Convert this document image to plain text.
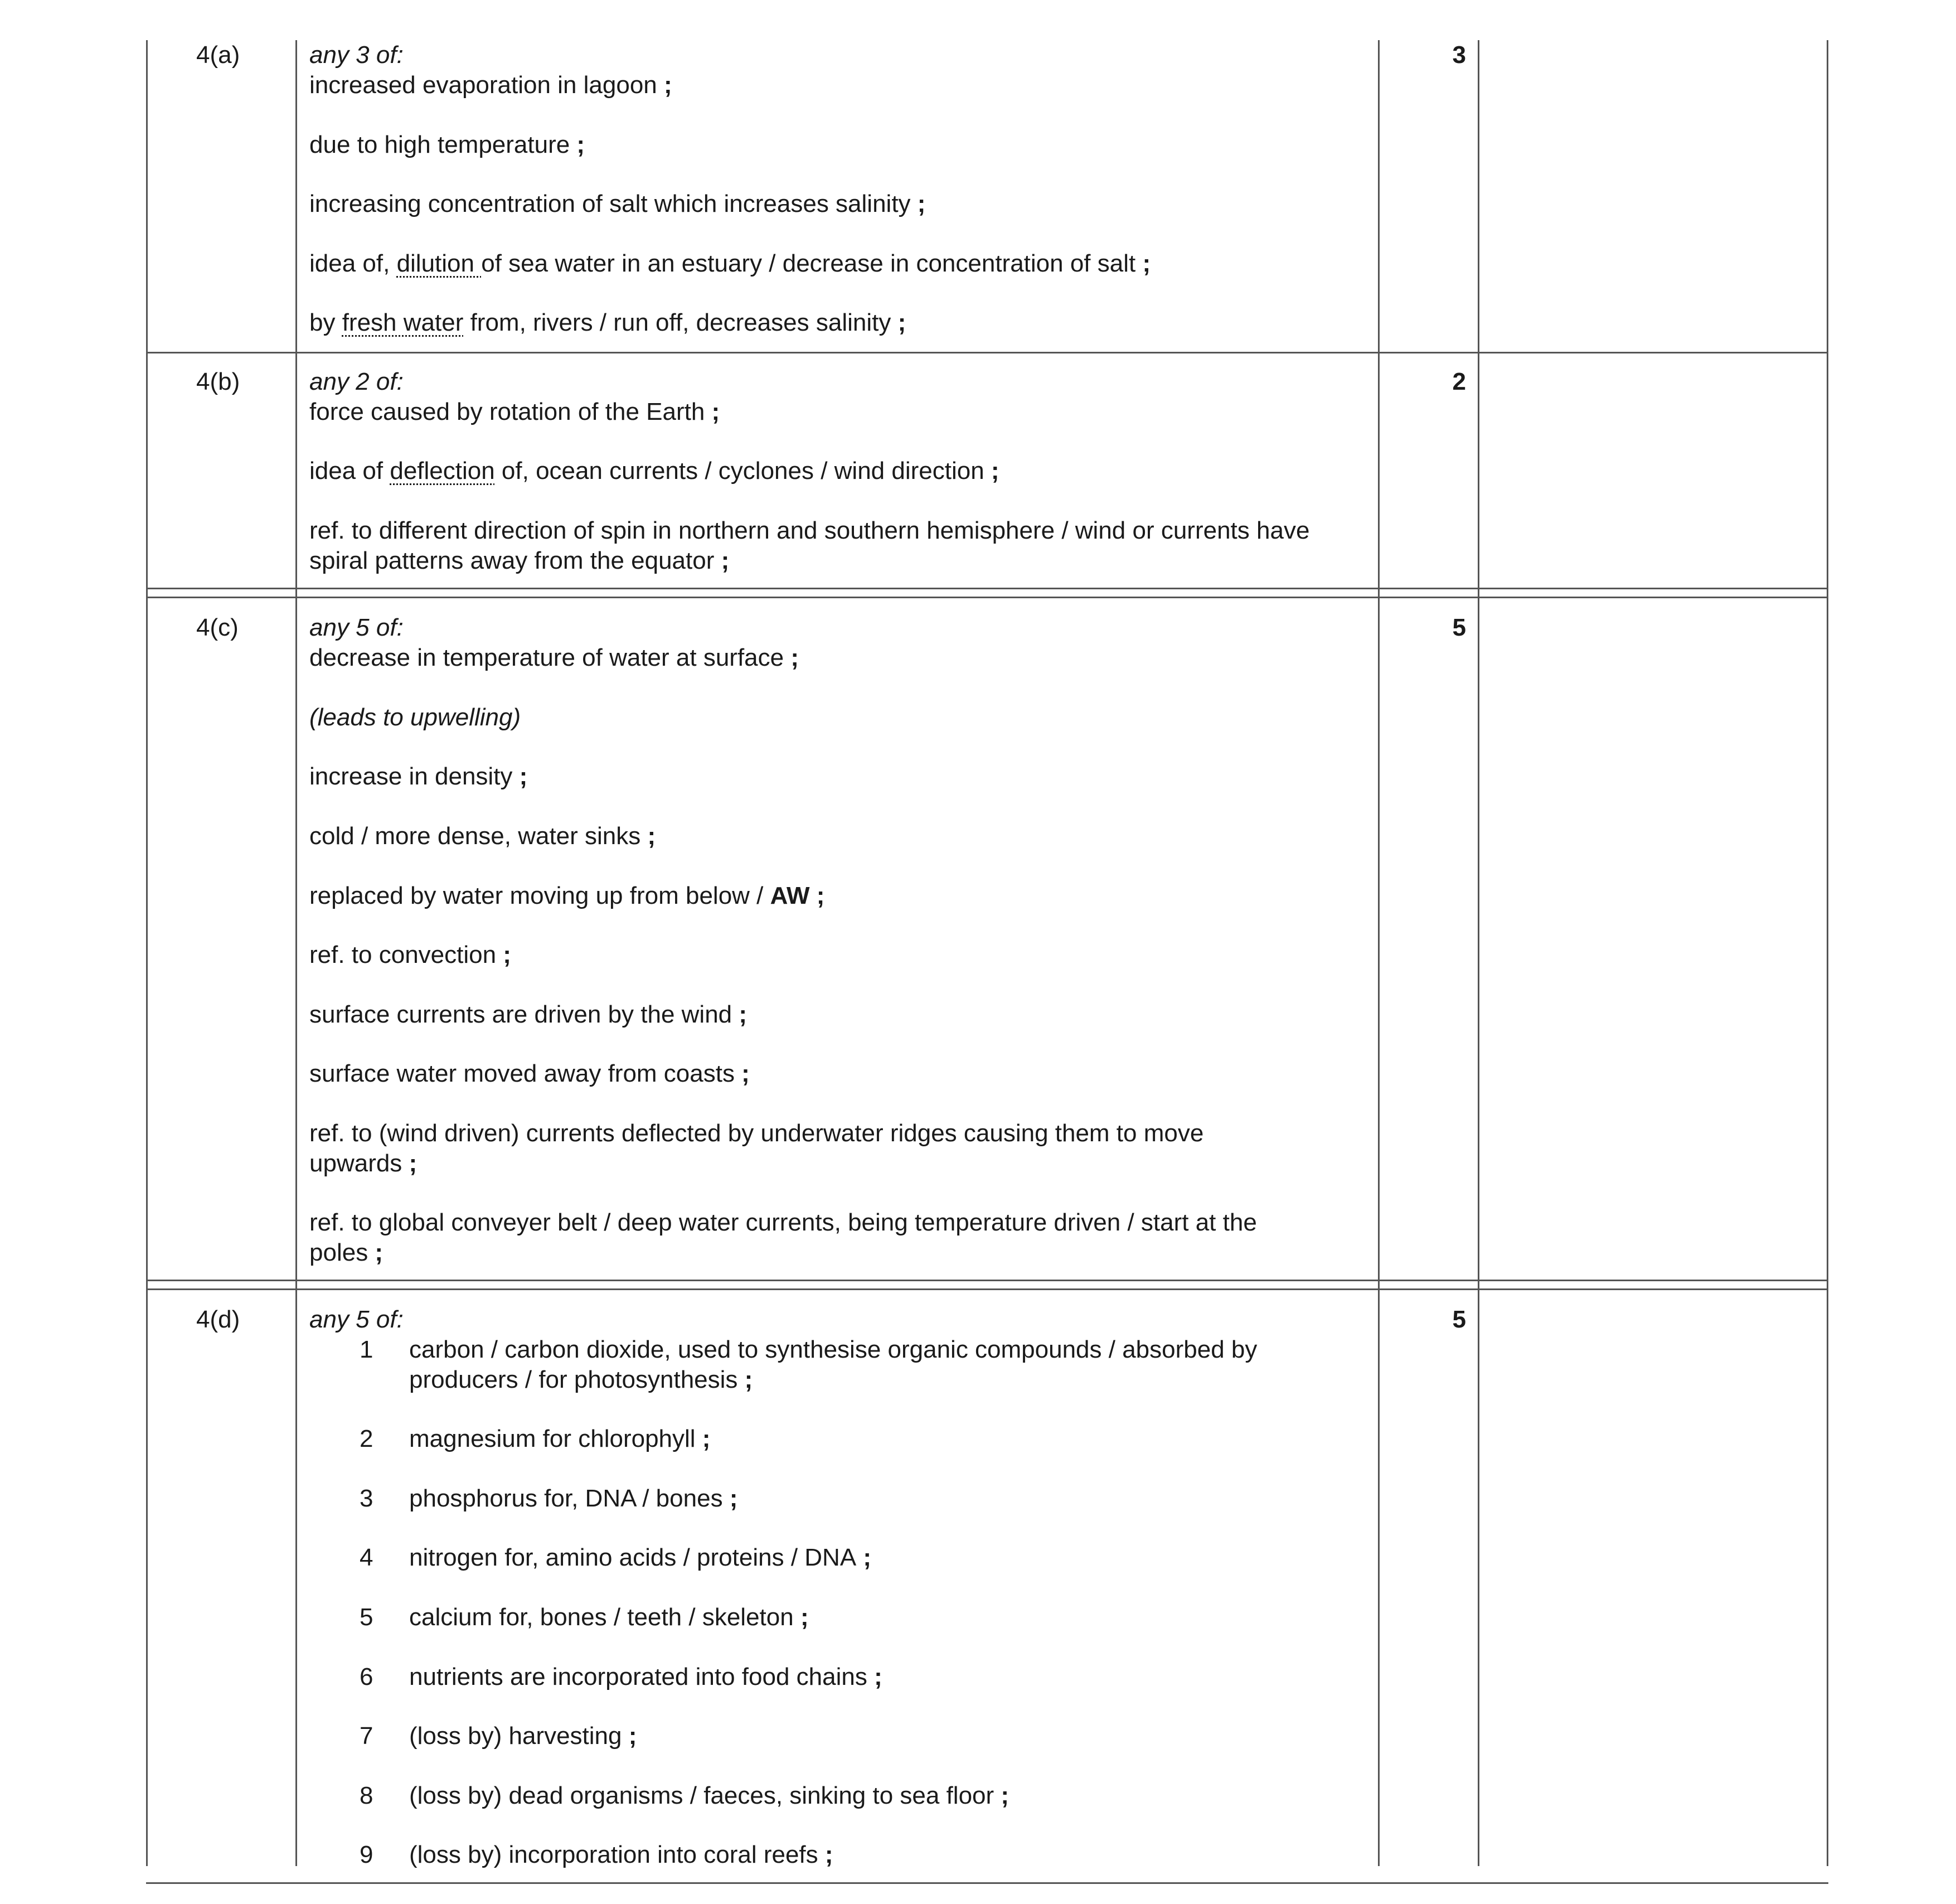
4(a)	3
any 3 of:
increased evaporation in lagoon ;
due to high temperature ;
increasing concentration of salt which increases salinity ;
idea of, dilution of sea water in an estuary / decrease in concentration of salt ;
by fresh water from, rivers / run off, decreases salinity ;
4(b)	2
any 2 of:
force caused by rotation of the Earth ;
idea of deflection of, ocean currents / cyclones / wind direction ;
ref. to different direction of spin in northern and southern hemisphere / wind or currents have
spiral patterns away from the equator ;
4(c)	5
any 5 of:
decrease in temperature of water at surface ;
(leads to upwelling)
increase in density ;
cold / more dense, water sinks ;
replaced by water moving up from below / AW ;
ref. to convection ;
surface currents are driven by the wind ;
surface water moved away from coasts ;
ref. to (wind driven) currents deflected by underwater ridges causing them to move
upwards ;
ref. to global conveyer belt / deep water currents, being temperature driven / start at the
poles ;
4(d)	5
any 5 of:
1 carbon / carbon dioxide, used to synthesise organic compounds / absorbed by
producers / for photosynthesis ;
2 magnesium for chlorophyll ;
3 phosphorus for, DNA / bones ;
4 nitrogen for, amino acids / proteins / DNA ;
5 calcium for, bones / teeth / skeleton ;
6 nutrients are incorporated into food chains ;
7 (loss by) harvesting ;
8 (loss by) dead organisms / faeces, sinking to sea floor ;
9 (loss by) incorporation into coral reefs ;
